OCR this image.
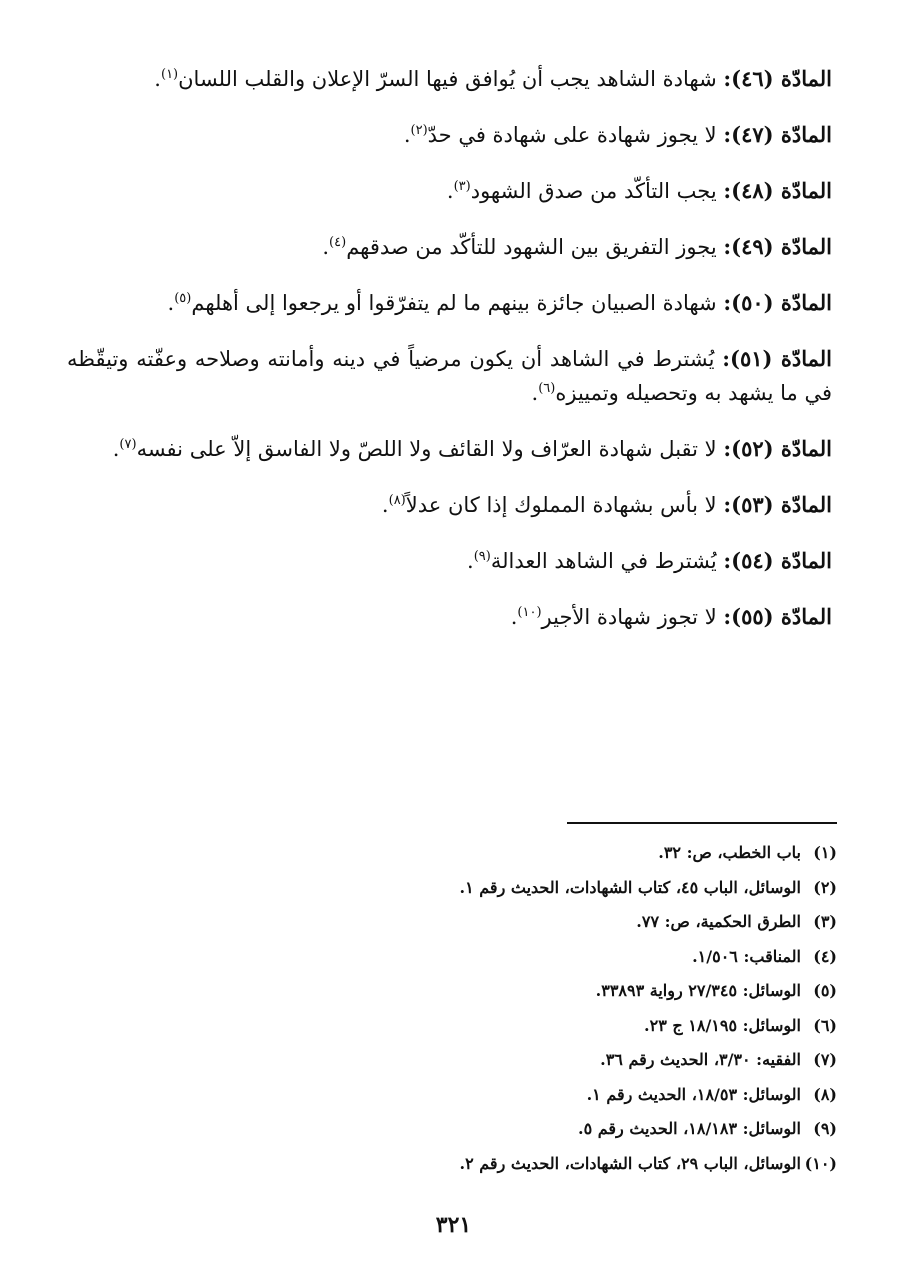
المادّة (٤٦): شهادة الشاهد يجب أن يُوافق فيها السرّ الإعلان والقلب اللسان$^{(١)}$.
المادّة (٤٧): لا يجوز شهادة على شهادة في حدّ$^{(٢)}$.
المادّة (٤٨): يجب التأكّد من صدق الشهود$^{(٣)}$.
المادّة (٤٩): يجوز التفريق بين الشهود للتأكّد من صدقهم$^{(٤)}$.
المادّة (٥٠): شهادة الصبيان جائزة بينهم ما لم يتفرّقوا أو يرجعوا إلى أهلهم$^{(٥)}$.
المادّة (٥١): يُشترط في الشاهد أن يكون مرضياً في دينه وأمانته وصلاحه وعفّته وتيقّظه في ما يشهد به وتحصيله وتمييزه$^{(٦)}$.
المادّة (٥٢): لا تقبل شهادة العرّاف ولا القائف ولا اللصّ ولا الفاسق إلاّ على نفسه$^{(٧)}$.
المادّة (٥٣): لا بأس بشهادة المملوك إذا كان عدلاً$^{(٨)}$.
المادّة (٥٤): يُشترط في الشاهد العدالة$^{(٩)}$.
المادّة (٥٥): لا تجوز شهادة الأجير$^{(١٠)}$.
(١)باب الخطب، ص: ٣٢.
(٢)الوسائل، الباب ٤٥، كتاب الشهادات، الحديث رقم ١.
(٣)الطرق الحكمية، ص: ٧٧.
(٤)المناقب: ١/٥٠٦.
(٥)الوسائل: ٢٧/٣٤٥ رواية ٣٣٨٩٣.
(٦)الوسائل: ١٨/١٩٥ ج ٢٣.
(٧)الفقيه: ٣/٣٠، الحديث رقم ٣٦.
(٨)الوسائل: ١٨/٥٣، الحديث رقم ١.
(٩)الوسائل: ١٨/١٨٣، الحديث رقم ٥.
(١٠)الوسائل، الباب ٢٩، كتاب الشهادات، الحديث رقم ٢.
٣٢١
